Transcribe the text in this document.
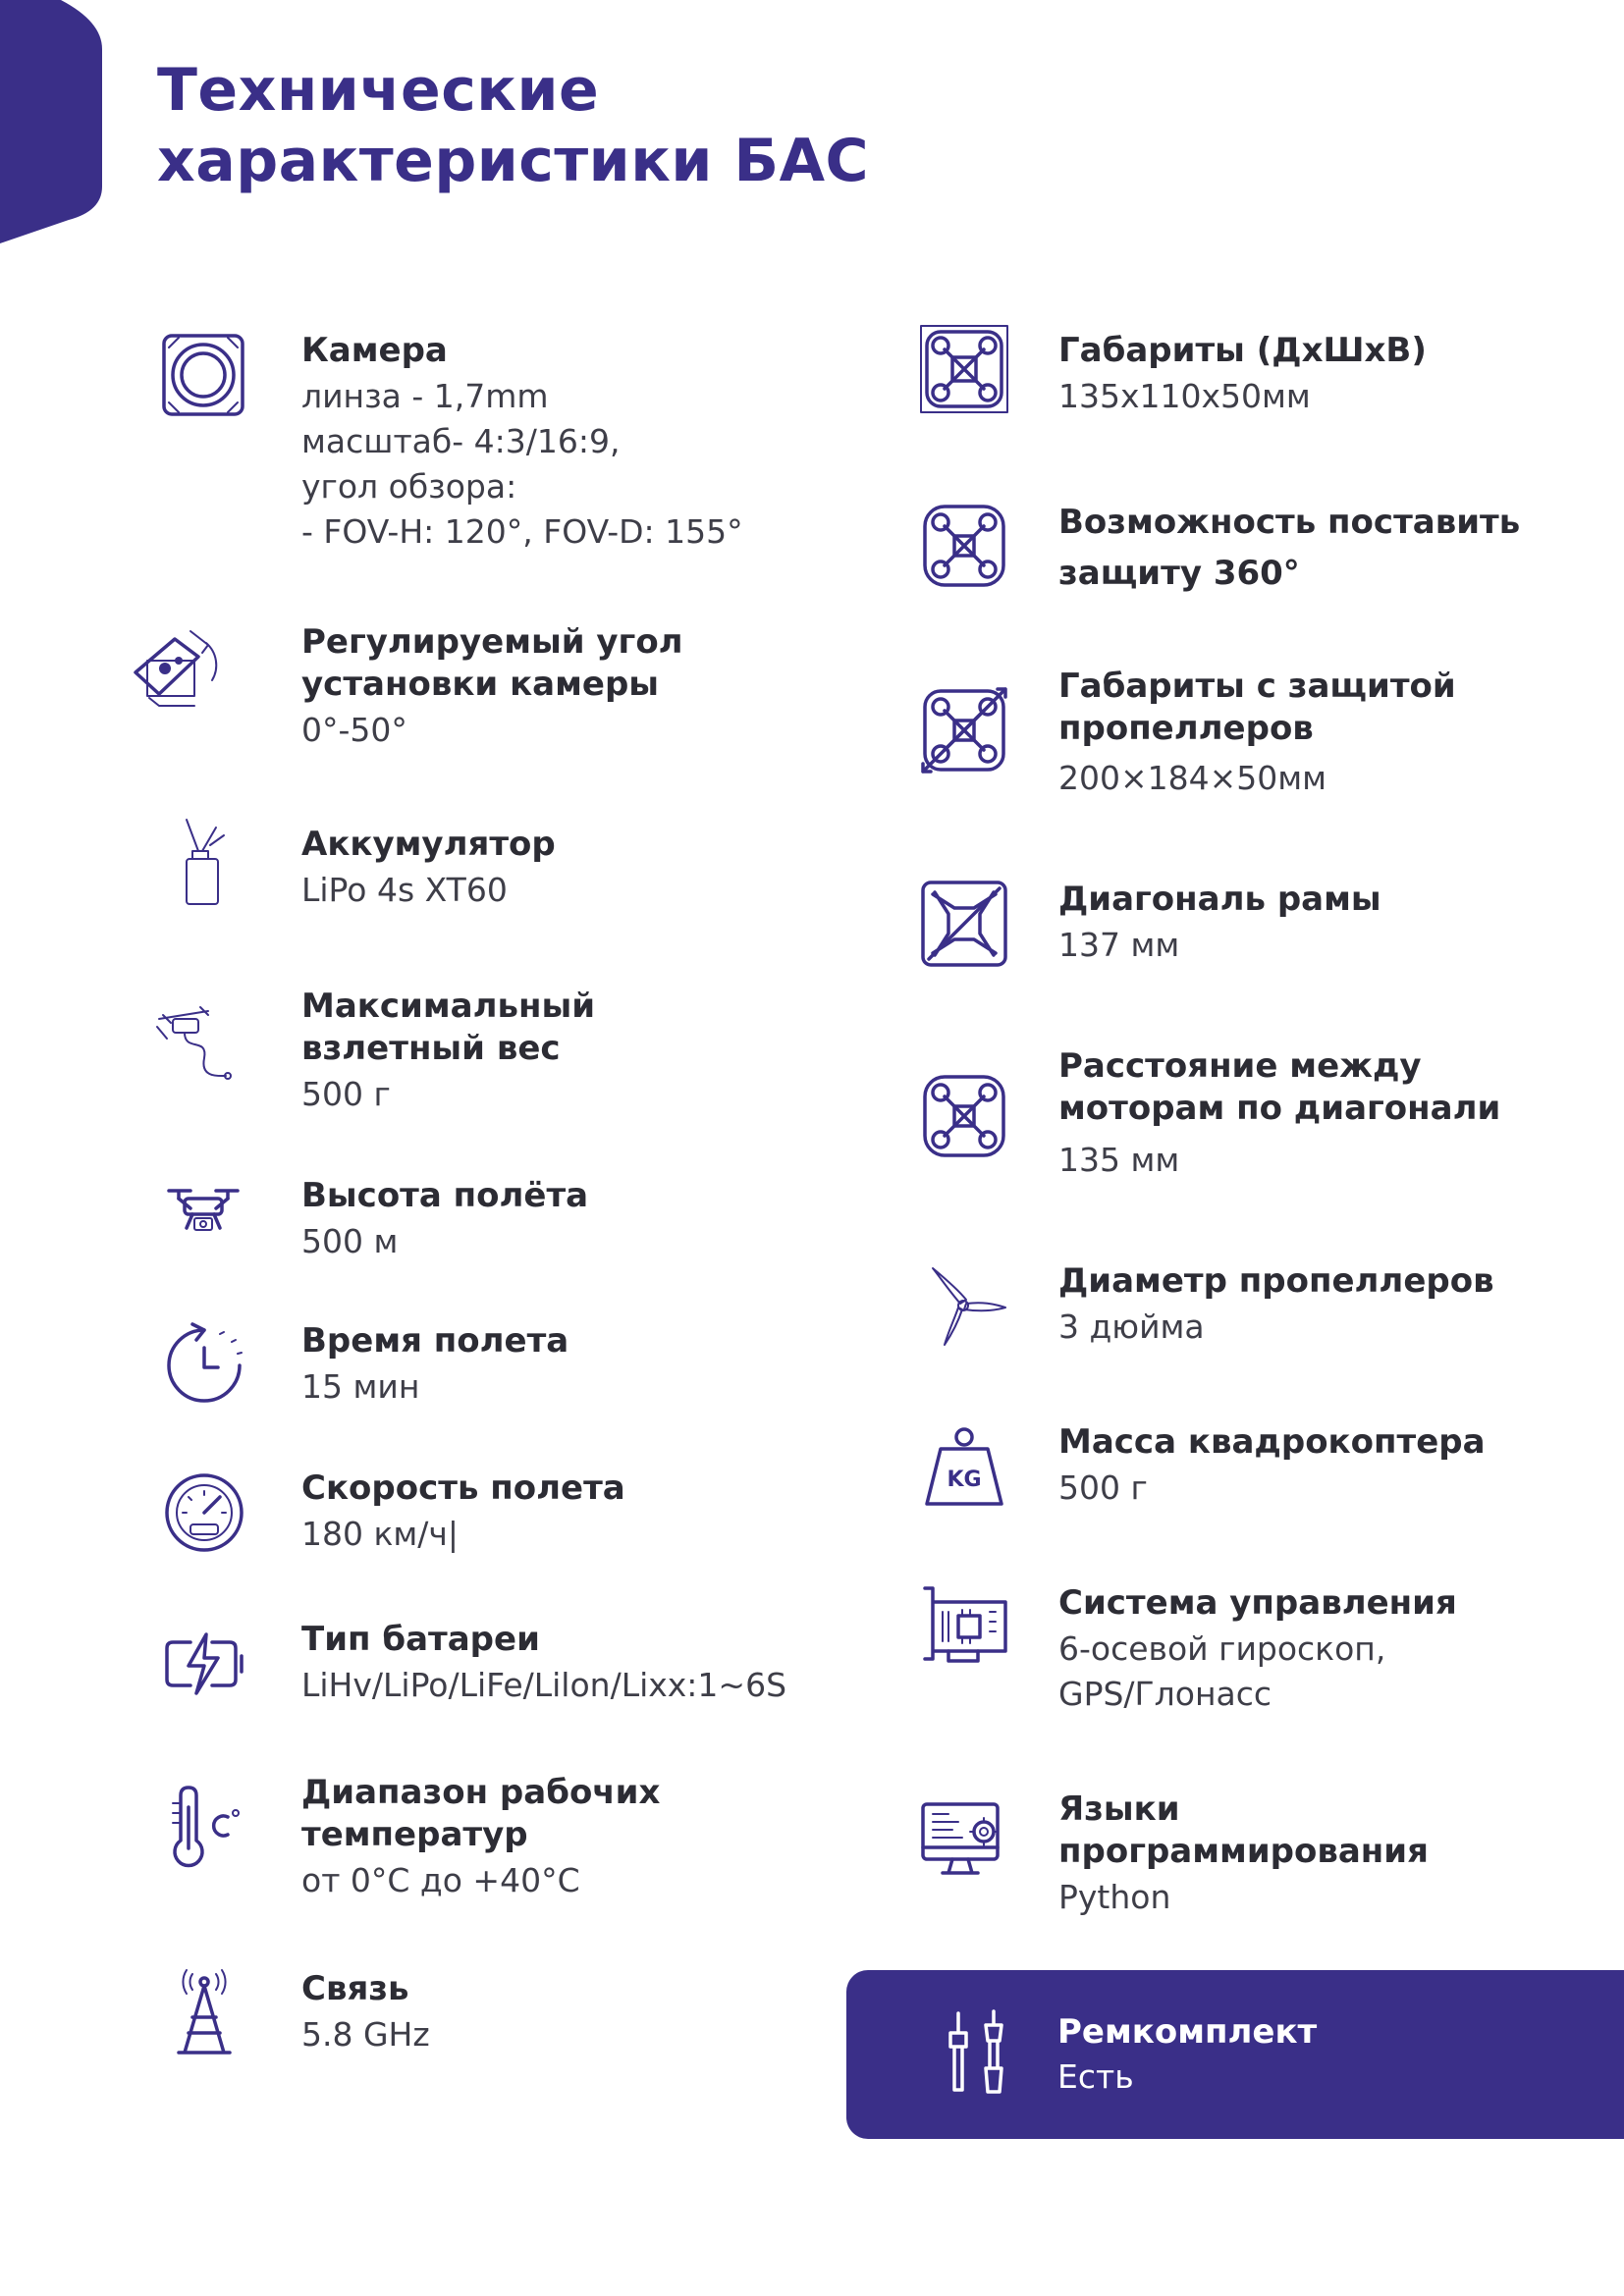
Технические
характеристики БАС
Камера
линза - 1,7mm
масштаб- 4:3/16:9,
угол обзора:
- FOV-H: 120°, FOV-D: 155°
Регулируемый угол
установки камеры
0°-50°
Аккумулятор
LiPo 4s XT60
Максимальный
взлетный вес
500 г
Высота полёта
500 м
Время полета
15 мин
Скорость полета
180 км/ч|
Тип батареи
LiHv/LiPo/LiFe/Lilon/Lixx:1~6S
Диапазон рабочих
температур
от 0°С до +40°С
Связь
5.8 GHz
Габариты (ДхШхВ)
135х110х50мм
Возможность поставить
защиту 360°
Габариты с защитой
пропеллеров
200×184×50мм
Диагональ рамы
137 мм
Расстояние между
моторам по диагонали
135 мм
Диаметр пропеллеров
3 дюйма
KG
Масса квадрокоптера
500 г
Система управления
6-осевой гироскоп,
GPS/Глонасс
Языки
программирования
Python
Ремкомплект
Есть
